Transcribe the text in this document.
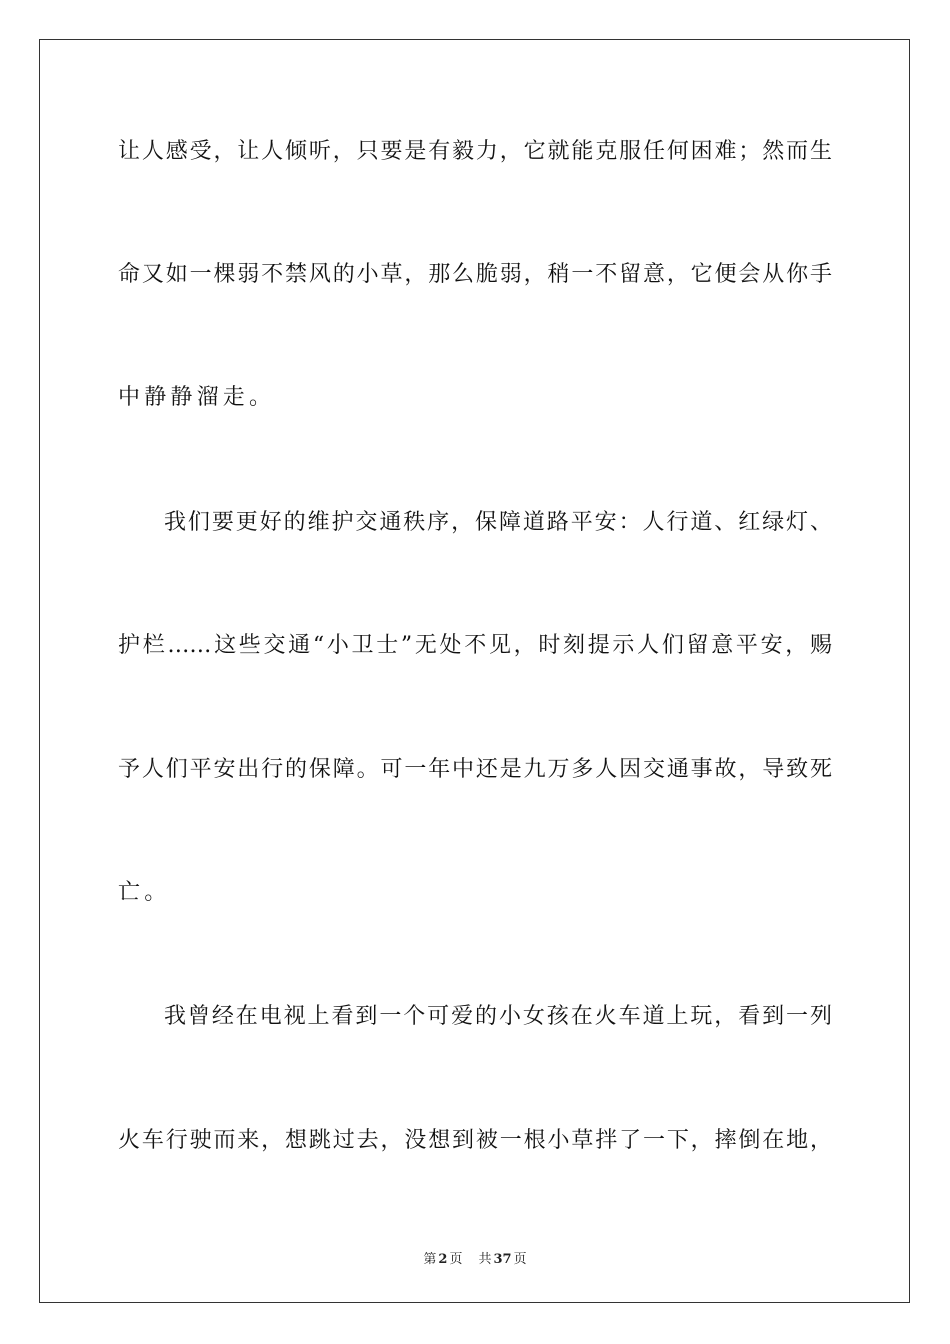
让人感受，让人倾听，只要是有毅力，它就能克服任何困难；然而生
命又如一棵弱不禁风的小草，那么脆弱，稍一不留意，它便会从你手
中静静溜走。
我们要更好的维护交通秩序，保障道路平安：人行道、红绿灯、
护栏……这些交通“小卫士”无处不见，时刻提示人们留意平安，赐
予人们平安出行的保障。可一年中还是九万多人因交通事故，导致死
亡。
我曾经在电视上看到一个可爱的小女孩在火车道上玩，看到一列
火车行驶而来，想跳过去，没想到被一根小草拌了一下，摔倒在地，
第 2 页 共 37 页
